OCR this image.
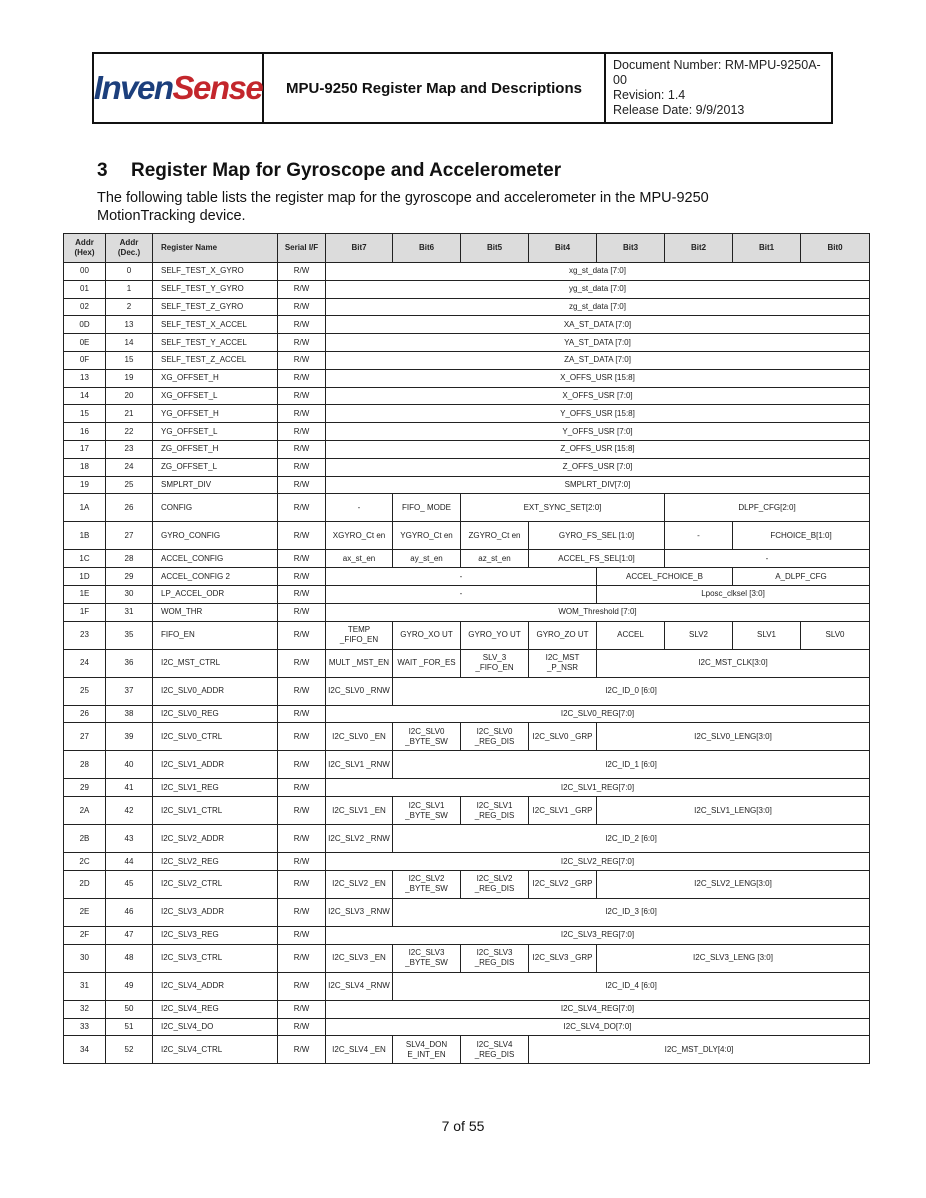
Inven Sense	MPU-9250 Register Map and Descriptions
Document Number: RM-MPU-9250A-00
Revision: 1.4
Release Date: 9/9/2013
3 Register Map for Gyroscope and Accelerometer
The following table lists the register map for the gyroscope and accelerometer in the MPU-9250 MotionTracking device.
Addr (Hex)	Addr (Dec.)	Register Name	Serial I/F	Bit7	Bit6	Bit5	Bit4	Bit3	Bit2	Bit1	Bit0
00	0	SELF_TEST_X_GYRO	R/W	xg_st_data [7:0]							
01	1	SELF_TEST_Y_GYRO	R/W	yg_st_data [7:0]							
02	2	SELF_TEST_Z_GYRO	R/W	zg_st_data [7:0]							
0D	13	SELF_TEST_X_ACCEL	R/W	XA_ST_DATA [7:0]							
0E	14	SELF_TEST_Y_ACCEL	R/W	YA_ST_DATA [7:0]							
0F	15	SELF_TEST_Z_ACCEL	R/W	ZA_ST_DATA [7:0]							
13	19	XG_OFFSET_H	R/W	X_OFFS_USR [15:8]							
14	20	XG_OFFSET_L	R/W	X_OFFS_USR [7:0]							
15	21	YG_OFFSET_H	R/W	Y_OFFS_USR [15:8]							
16	22	YG_OFFSET_L	R/W	Y_OFFS_USR [7:0]							
17	23	ZG_OFFSET_H	R/W	Z_OFFS_USR [15:8]							
18	24	ZG_OFFSET_L	R/W	Z_OFFS_USR [7:0]							
19	25	SMPLRT_DIV	R/W	SMPLRT_DIV[7:0]							
1A	26	CONFIG	R/W	-	FIFO_ MODE	EXT_SYNC_SET[2:0]			DLPF_CFG[2:0]		
1B	27	GYRO_CONFIG	R/W	XGYRO_Ct en	YGYRO_Ct en	ZGYRO_Ct en	GYRO_FS_SEL [1:0]		-	FCHOICE_B[1:0]	
1C	28	ACCEL_CONFIG	R/W	ax_st_en	ay_st_en	az_st_en	ACCEL_FS_SEL[1:0]		-		
1D	29	ACCEL_CONFIG 2	R/W	-				ACCEL_FCHOICE_B		A_DLPF_CFG	
1E	30	LP_ACCEL_ODR	R/W	-				Lposc_clksel [3:0]			
1F	31	WOM_THR	R/W	WOM_Threshold [7:0]							
23	35	FIFO_EN	R/W	TEMP _FIFO_EN	GYRO_XO UT	GYRO_YO UT	GYRO_ZO UT	ACCEL	SLV2	SLV1	SLV0
24	36	I2C_MST_CTRL	R/W	MULT _MST_EN	WAIT _FOR_ES	SLV_3 _FIFO_EN	I2C_MST _P_NSR	I2C_MST_CLK[3:0]			
25	37	I2C_SLV0_ADDR	R/W	I2C_SLV0 _RNW	I2C_ID_0 [6:0]						
26	38	I2C_SLV0_REG	R/W	I2C_SLV0_REG[7:0]							
27	39	I2C_SLV0_CTRL	R/W	I2C_SLV0 _EN	I2C_SLV0 _BYTE_SW	I2C_SLV0 _REG_DIS	I2C_SLV0 _GRP	I2C_SLV0_LENG[3:0]			
28	40	I2C_SLV1_ADDR	R/W	I2C_SLV1 _RNW	I2C_ID_1 [6:0]						
29	41	I2C_SLV1_REG	R/W	I2C_SLV1_REG[7:0]							
2A	42	I2C_SLV1_CTRL	R/W	I2C_SLV1 _EN	I2C_SLV1 _BYTE_SW	I2C_SLV1 _REG_DIS	I2C_SLV1 _GRP	I2C_SLV1_LENG[3:0]			
2B	43	I2C_SLV2_ADDR	R/W	I2C_SLV2 _RNW	I2C_ID_2 [6:0]						
2C	44	I2C_SLV2_REG	R/W	I2C_SLV2_REG[7:0]							
2D	45	I2C_SLV2_CTRL	R/W	I2C_SLV2 _EN	I2C_SLV2 _BYTE_SW	I2C_SLV2 _REG_DIS	I2C_SLV2 _GRP	I2C_SLV2_LENG[3:0]			
2E	46	I2C_SLV3_ADDR	R/W	I2C_SLV3 _RNW	I2C_ID_3 [6:0]						
2F	47	I2C_SLV3_REG	R/W	I2C_SLV3_REG[7:0]							
30	48	I2C_SLV3_CTRL	R/W	I2C_SLV3 _EN	I2C_SLV3 _BYTE_SW	I2C_SLV3 _REG_DIS	I2C_SLV3 _GRP	I2C_SLV3_LENG [3:0]			
31	49	I2C_SLV4_ADDR	R/W	I2C_SLV4 _RNW	I2C_ID_4 [6:0]						
32	50	I2C_SLV4_REG	R/W	I2C_SLV4_REG[7:0]							
33	51	I2C_SLV4_DO	R/W	I2C_SLV4_DO[7:0]							
34	52	I2C_SLV4_CTRL	R/W	I2C_SLV4 _EN	SLV4_DON E_INT_EN	I2C_SLV4 _REG_DIS	I2C_MST_DLY[4:0]				
7 of 55
